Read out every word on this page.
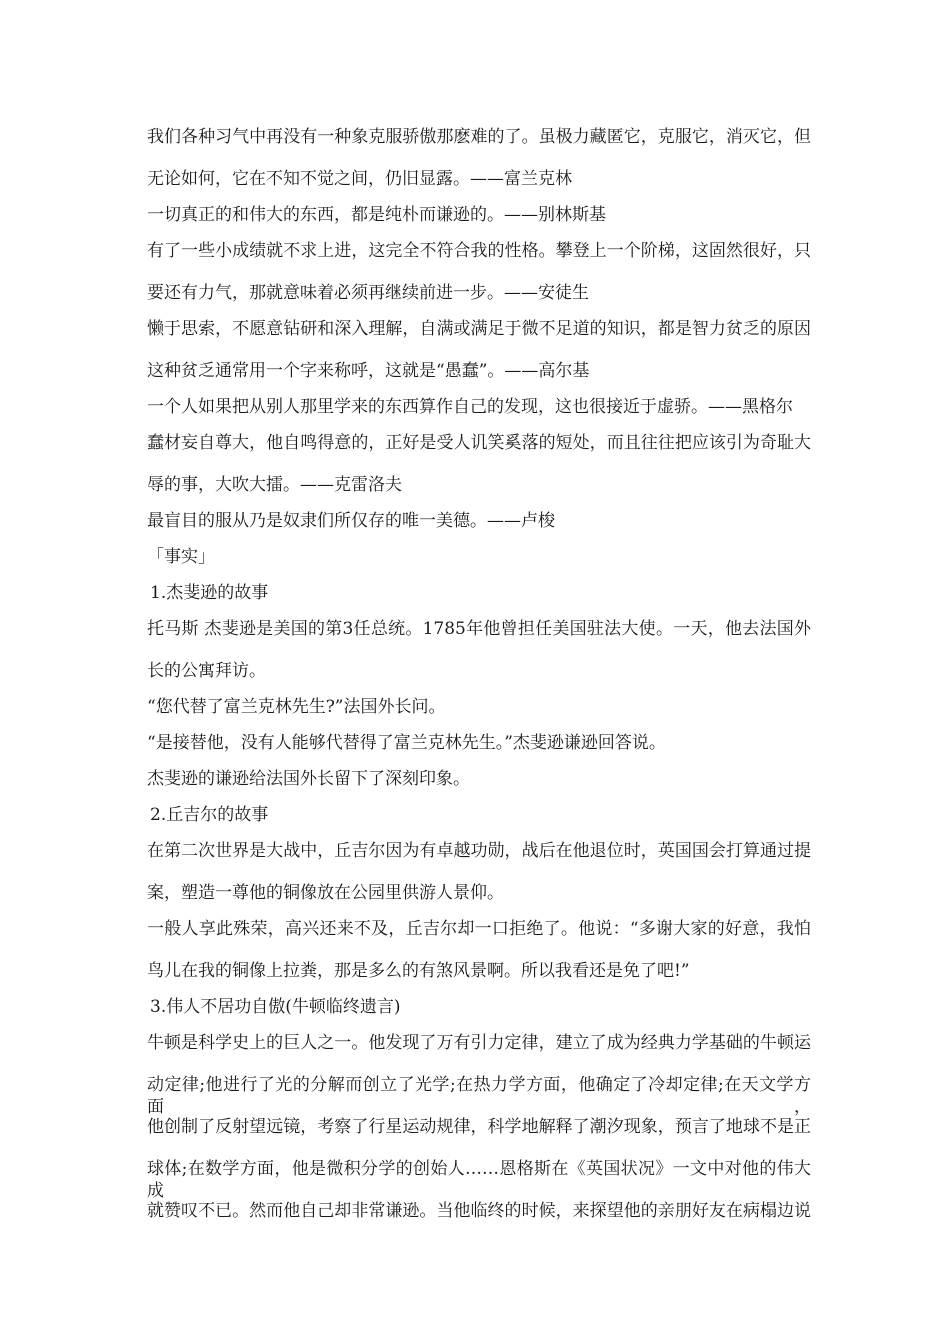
我们各种习气中再没有一种象克服骄傲那麽难的了。虽极力藏匿它，克服它，消灭它，但
无论如何，它在不知不觉之间，仍旧显露。——富兰克林
一切真正的和伟大的东西，都是纯朴而谦逊的。——别林斯基
有了一些小成绩就不求上进，这完全不符合我的性格。攀登上一个阶梯，这固然很好，只
要还有力气，那就意味着必须再继续前进一步。——安徒生
懒于思索，不愿意钻研和深入理解，自满或满足于微不足道的知识，都是智力贫乏的原因
这种贫乏通常用一个字来称呼，这就是“愚蠢”。——高尔基
一个人如果把从别人那里学来的东西算作自己的发现，这也很接近于虚骄。——黑格尔
蠢材妄自尊大，他自鸣得意的，正好是受人讥笑奚落的短处，而且往往把应该引为奇耻大
辱的事，大吹大擂。——克雷洛夫
最盲目的服从乃是奴隶们所仅存的唯一美德。——卢梭
「事实」
1.杰斐逊的故事
托马斯 杰斐逊是美国的第3任总统。1785年他曾担任美国驻法大使。一天，他去法国外
长的公寓拜访。
“您代替了富兰克林先生?”法国外长问。
“是接替他，没有人能够代替得了富兰克林先生。”杰斐逊谦逊回答说。
杰斐逊的谦逊给法国外长留下了深刻印象。
2.丘吉尔的故事
在第二次世界是大战中，丘吉尔因为有卓越功勋，战后在他退位时，英国国会打算通过提
案，塑造一尊他的铜像放在公园里供游人景仰。
一般人享此殊荣，高兴还来不及，丘吉尔却一口拒绝了。他说：“多谢大家的好意，我怕
鸟儿在我的铜像上拉粪，那是多么的有煞风景啊。所以我看还是免了吧!”
3.伟人不居功自傲(牛顿临终遗言)
牛顿是科学史上的巨人之一。他发现了万有引力定律，建立了成为经典力学基础的牛顿运
动定律;他进行了光的分解而创立了光学;在热力学方面，他确定了冷却定律;在天文学方面，
他创制了反射望远镜，考察了行星运动规律，科学地解释了潮汐现象，预言了地球不是正
球体;在数学方面，他是微积分学的创始人……恩格斯在《英国状况》一文中对他的伟大成
就赞叹不已。然而他自己却非常谦逊。当他临终的时候，来探望他的亲朋好友在病榻边说
